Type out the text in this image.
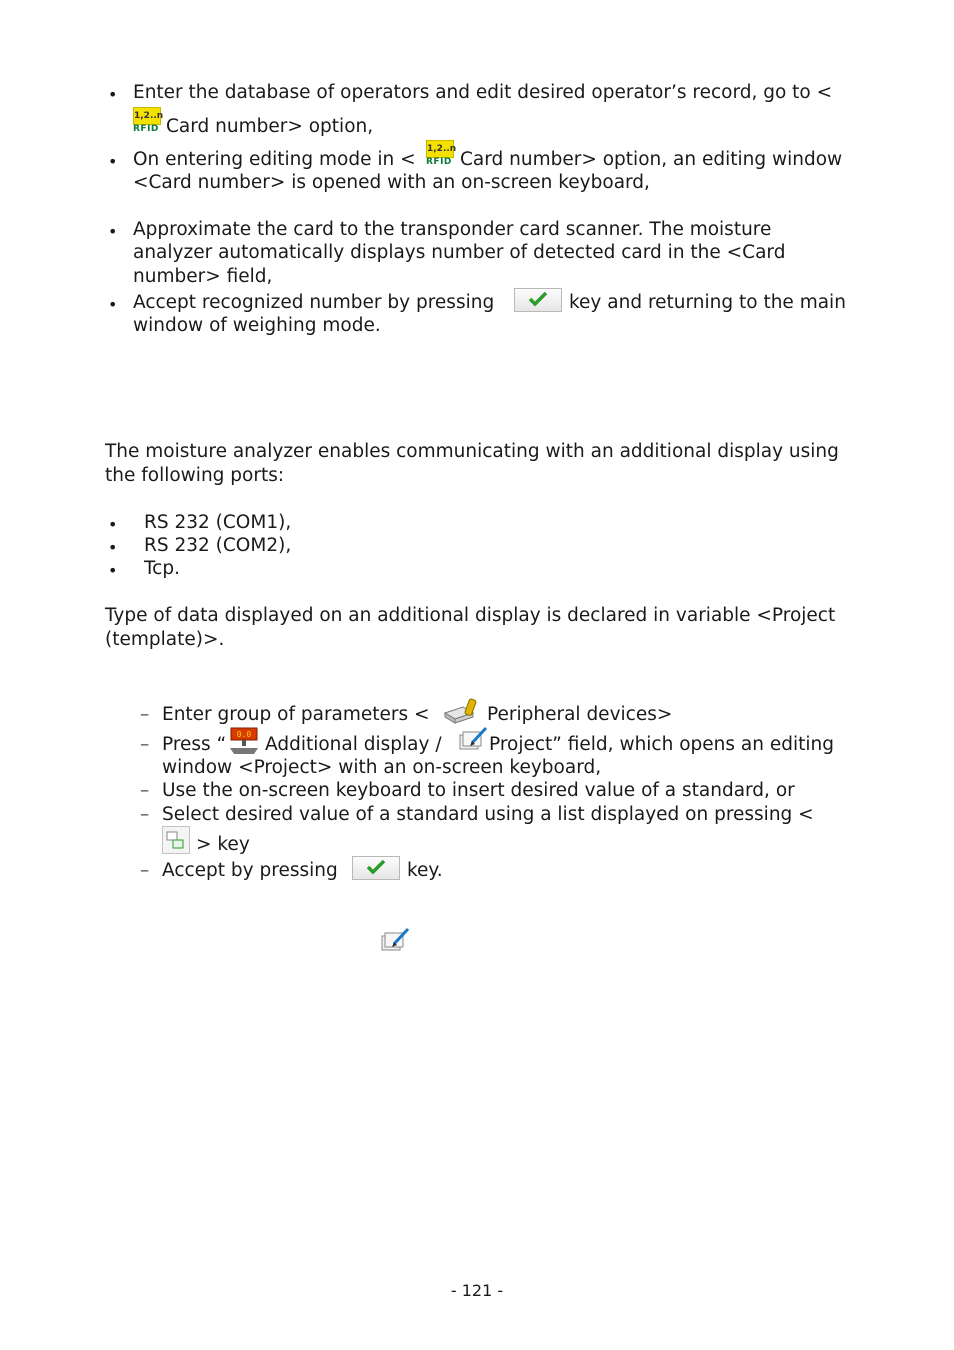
• Enter the database of operators and edit desired operator’s record, go to <
1,2..n
RFID Card number> option,
• On entering editing mode in < 1,2..n
RFID Card number> option, an editing window
<Card number> is opened with an on-screen keyboard,
• Approximate the card to the transponder card scanner. The moisture
analyzer automatically displays number of detected card in the <Card
number> field,
• Accept recognized number by pressing	key and returning to the main
window of weighing mode.
The moisture analyzer enables communicating with an additional display using
the following ports:
• RS 232 (COM1),
• RS 232 (COM2),
• Tcp.
Type of data displayed on an additional display is declared in variable <Project
(template)>.
– Enter group of parameters <	Peripheral devices>
– Press “ 0.0 Additional display /	Project” field, which opens an editing
window <Project> with an on-screen keyboard,
– Use the on-screen keyboard to insert desired value of a standard, or
– Select desired value of a standard using a list displayed on pressing <
> key
– Accept by pressing	key.
- 121 -
